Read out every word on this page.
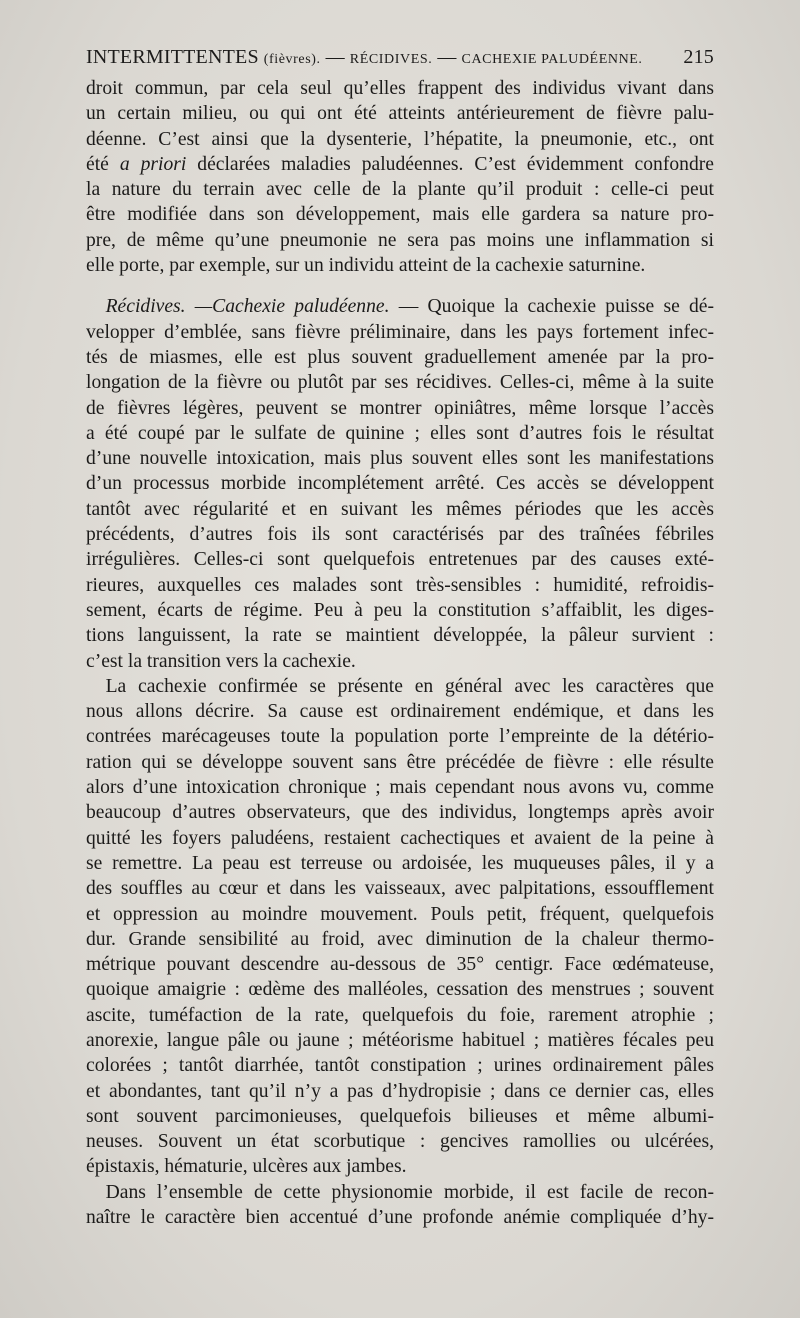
INTERMITTENTES (fièvres). — RÉCIDIVES. — CACHEXIE PALUDÉENNE. 215
droit commun, par cela seul qu’elles frappent des individus vivant dans
un certain milieu, ou qui ont été atteints antérieurement de fièvre palu-
déenne. C’est ainsi que la dysenterie, l’hépatite, la pneumonie, etc., ont
été a priori déclarées maladies paludéennes. C’est évidemment confondre
la nature du terrain avec celle de la plante qu’il produit : celle-ci peut
être modifiée dans son développement, mais elle gardera sa nature pro-
pre, de même qu’une pneumonie ne sera pas moins une inflammation si
elle porte, par exemple, sur un individu atteint de la cachexie saturnine.
 Récidives. —Cachexie paludéenne. — Quoique la cachexie puisse se dé-
velopper d’emblée, sans fièvre préliminaire, dans les pays fortement infec-
tés de miasmes, elle est plus souvent graduellement amenée par la pro-
longation de la fièvre ou plutôt par ses récidives. Celles-ci, même à la suite
de fièvres légères, peuvent se montrer opiniâtres, même lorsque l’accès
a été coupé par le sulfate de quinine ; elles sont d’autres fois le résultat
d’une nouvelle intoxication, mais plus souvent elles sont les manifestations
d’un processus morbide incomplétement arrêté. Ces accès se développent
tantôt avec régularité et en suivant les mêmes périodes que les accès
précédents, d’autres fois ils sont caractérisés par des traînées fébriles
irrégulières. Celles-ci sont quelquefois entretenues par des causes exté-
rieures, auxquelles ces malades sont très-sensibles : humidité, refroidis-
sement, écarts de régime. Peu à peu la constitution s’affaiblit, les diges-
tions languissent, la rate se maintient développée, la pâleur survient :
c’est la transition vers la cachexie.
 La cachexie confirmée se présente en général avec les caractères que
nous allons décrire. Sa cause est ordinairement endémique, et dans les
contrées marécageuses toute la population porte l’empreinte de la détério-
ration qui se développe souvent sans être précédée de fièvre : elle résulte
alors d’une intoxication chronique ; mais cependant nous avons vu, comme
beaucoup d’autres observateurs, que des individus, longtemps après avoir
quitté les foyers paludéens, restaient cachectiques et avaient de la peine à
se remettre. La peau est terreuse ou ardoisée, les muqueuses pâles, il y a
des souffles au cœur et dans les vaisseaux, avec palpitations, essoufflement
et oppression au moindre mouvement. Pouls petit, fréquent, quelquefois
dur. Grande sensibilité au froid, avec diminution de la chaleur thermo-
métrique pouvant descendre au-dessous de 35° centigr. Face œdémateuse,
quoique amaigrie : œdème des malléoles, cessation des menstrues ; souvent
ascite, tuméfaction de la rate, quelquefois du foie, rarement atrophie ;
anorexie, langue pâle ou jaune ; météorisme habituel ; matières fécales peu
colorées ; tantôt diarrhée, tantôt constipation ; urines ordinairement pâles
et abondantes, tant qu’il n’y a pas d’hydropisie ; dans ce dernier cas, elles
sont souvent parcimonieuses, quelquefois bilieuses et même albumi-
neuses. Souvent un état scorbutique : gencives ramollies ou ulcérées,
épistaxis, hématurie, ulcères aux jambes.
 Dans l’ensemble de cette physionomie morbide, il est facile de recon-
naître le caractère bien accentué d’une profonde anémie compliquée d’hy-
